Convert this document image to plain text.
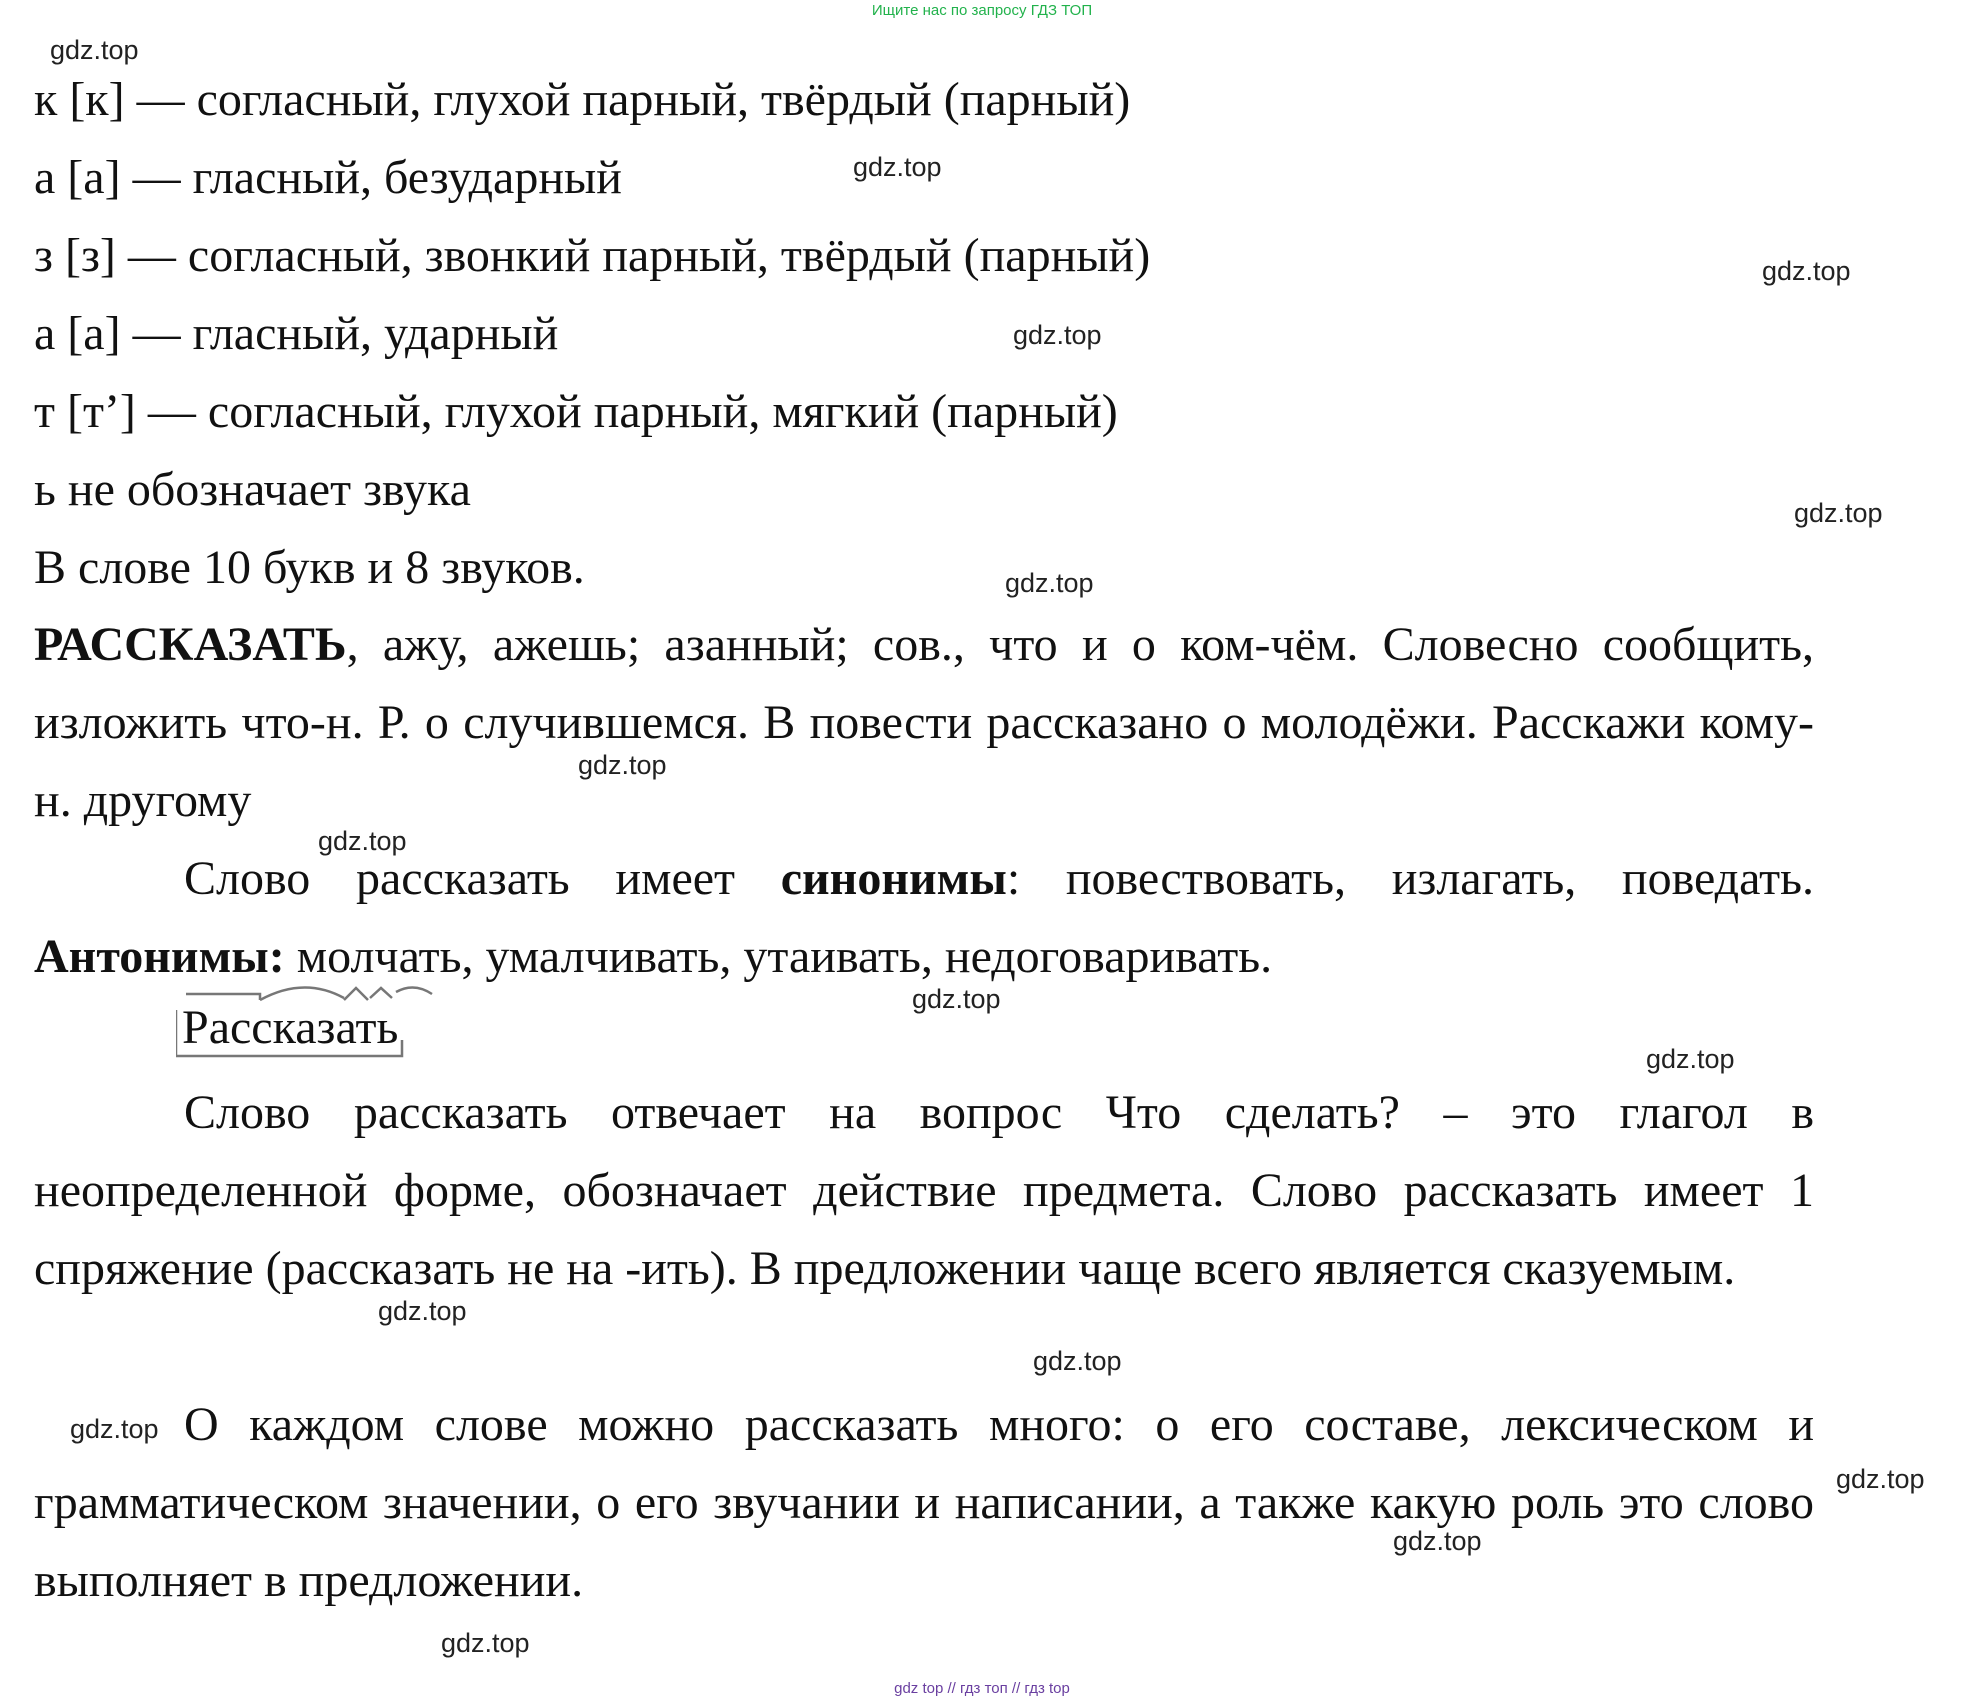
Ищите нас по запросу ГДЗ ТОП
к [к] — согласный, глухой парный, твёрдый (парный)
а [а] — гласный, безударный
з [з] — согласный, звонкий парный, твёрдый (парный)
а [а] — гласный, ударный
т [т’] — согласный, глухой парный, мягкий (парный)
ь не обозначает звука
В слове 10 букв и 8 звуков.
РАССКАЗАТЬ, ажу, ажешь; азанный; сов., что и о ком-чём. Словесно сообщить, изложить что-н. Р. о случившемся. В повести рассказано о молодёжи. Расскажи кому-н. другому
Слово рассказать имеет синонимы: повествовать, излагать, поведать. Антонимы: молчать, умалчивать, утаивать, недоговаривать.
Рассказать
Слово рассказать отвечает на вопрос Что сделать? – это глагол в неопределенной форме, обозначает действие предмета. Слово рассказать имеет 1 спряжение (рассказать не на -ить). В предложении чаще всего является сказуемым.
О каждом слове можно рассказать много: о его составе, лексическом и грамматическом значении, о его звучании и написании, а также какую роль это слово выполняет в предложении.
gdz.top
gdz.top
gdz.top
gdz.top
gdz.top
gdz.top
gdz.top
gdz.top
gdz.top
gdz.top
gdz.top
gdz.top
gdz.top
gdz.top
gdz.top
gdz.top
gdz top // гдз топ // гдз top
